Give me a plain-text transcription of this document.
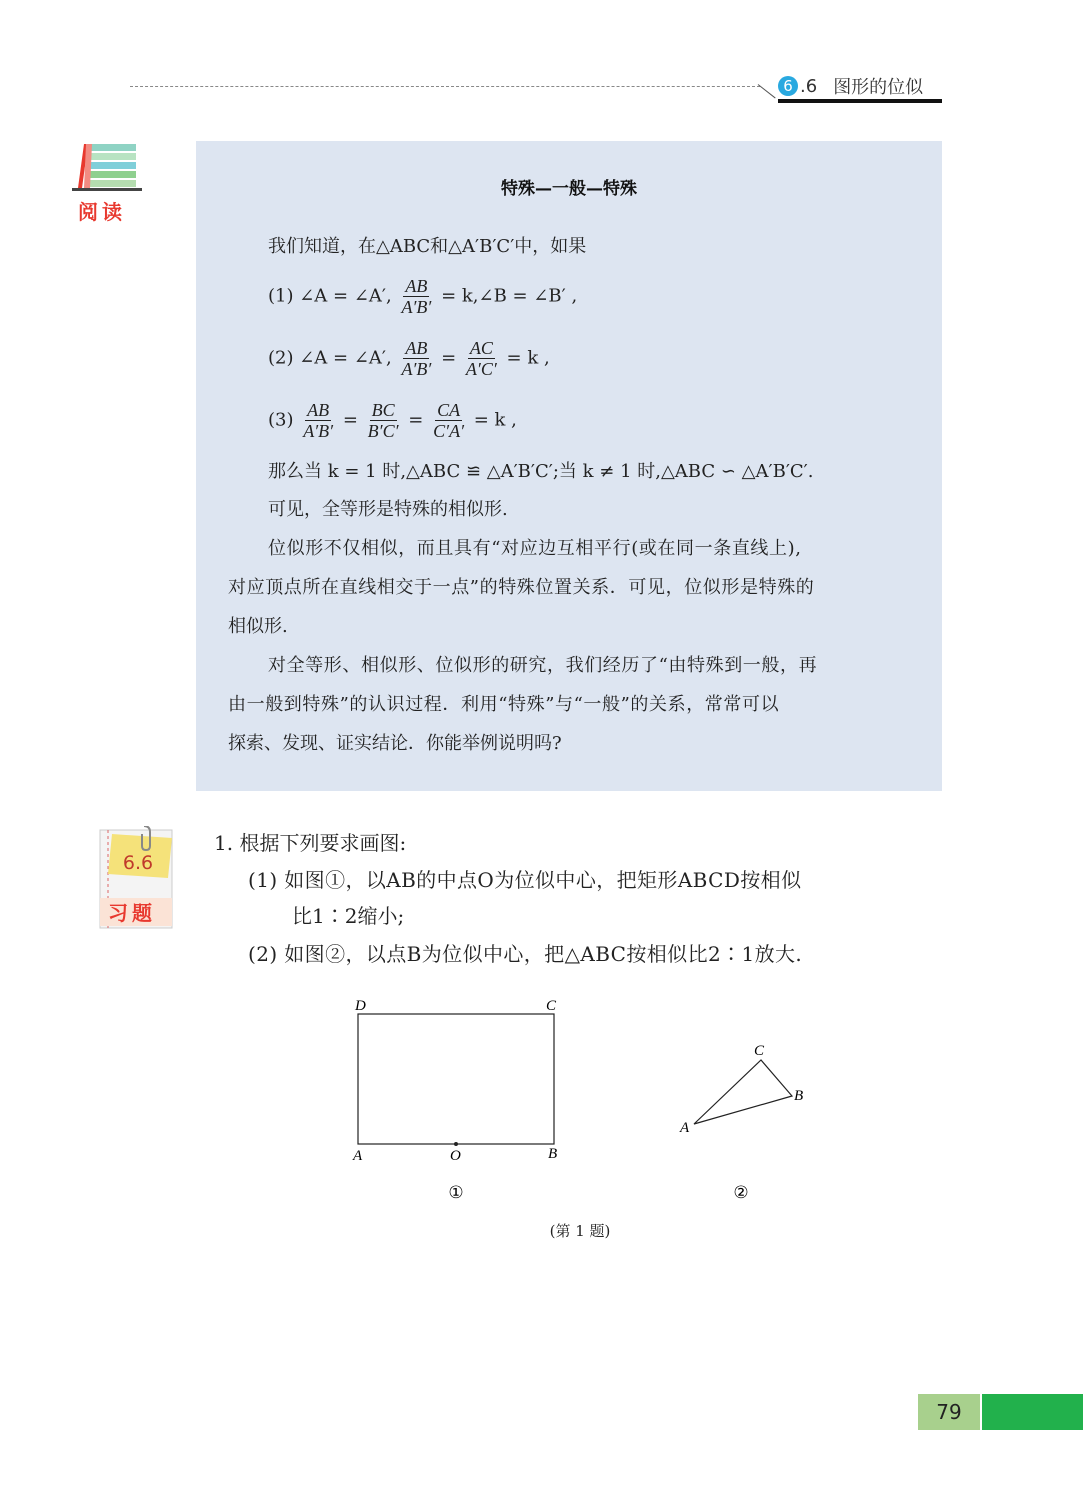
6 .6 图形的位似
阅读
特殊—一般—特殊
我们知道，在△ABC和△A′B′C′中，如果
(1) ∠A = ∠A′, $\frac{AB}{A'B'}$ = k,∠B = ∠B′ ,
(2) ∠A = ∠A′, $\frac{AB}{A'B'} = \frac{AC}{A'C'} = k$ ,
$(3) \frac{AB}{A'B'} = \frac{BC}{B'C'} = \frac{CA}{C'A'} = k$ ,
那么当 k = 1 时,△ABC ≌ △A′B′C′;当 k ≠ 1 时,△ABC ∽ △A′B′C′.
可见，全等形是特殊的相似形.
位似形不仅相似，而且具有“对应边互相平行(或在同一条直线上),
对应顶点所在直线相交于一点”的特殊位置关系．可见，位似形是特殊的
相似形.
对全等形、相似形、位似形的研究，我们经历了“由特殊到一般，再
由一般到特殊”的认识过程．利用“特殊”与“一般”的关系，常常可以
探索、发现、证实结论．你能举例说明吗?
6.6
习题
1. 根据下列要求画图:
(1) 如图①，以AB的中点O为位似中心，把矩形ABCD按相似
比1∶2缩小;
(2) 如图②，以点B为位似中心，把△ABC按相似比2∶1放大.
D	C
A	O	B
C
B
A
①	②
(第 1 题)
79
